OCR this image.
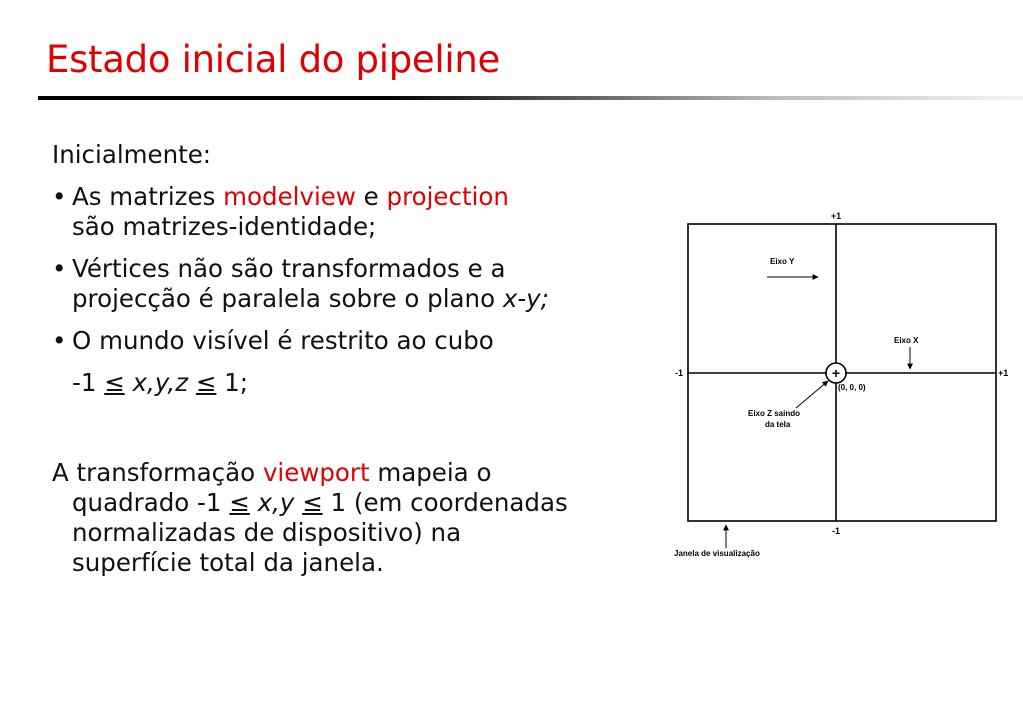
Estado inicial do pipeline

Inicialmente:

• As matrizes modelview e projection
são matrizes-identidade;
• Vértices não são transformados e a
projecção é paralela sobre o plano x-y;
• O mundo visível é restrito ao cubo
-1 ≤ x,y,z ≤ 1;
A transformação viewport mapeia o
quadrado -1 ≤ x,y ≤ 1 (em coordenadas
normalizadas de dispositivo) na
superfície total da janela.
+
+1
-1
-1	+1
Eixo Y
Eixo X
(0, 0, 0)
Eixo Z saindo
da tela
Janela de visualização
